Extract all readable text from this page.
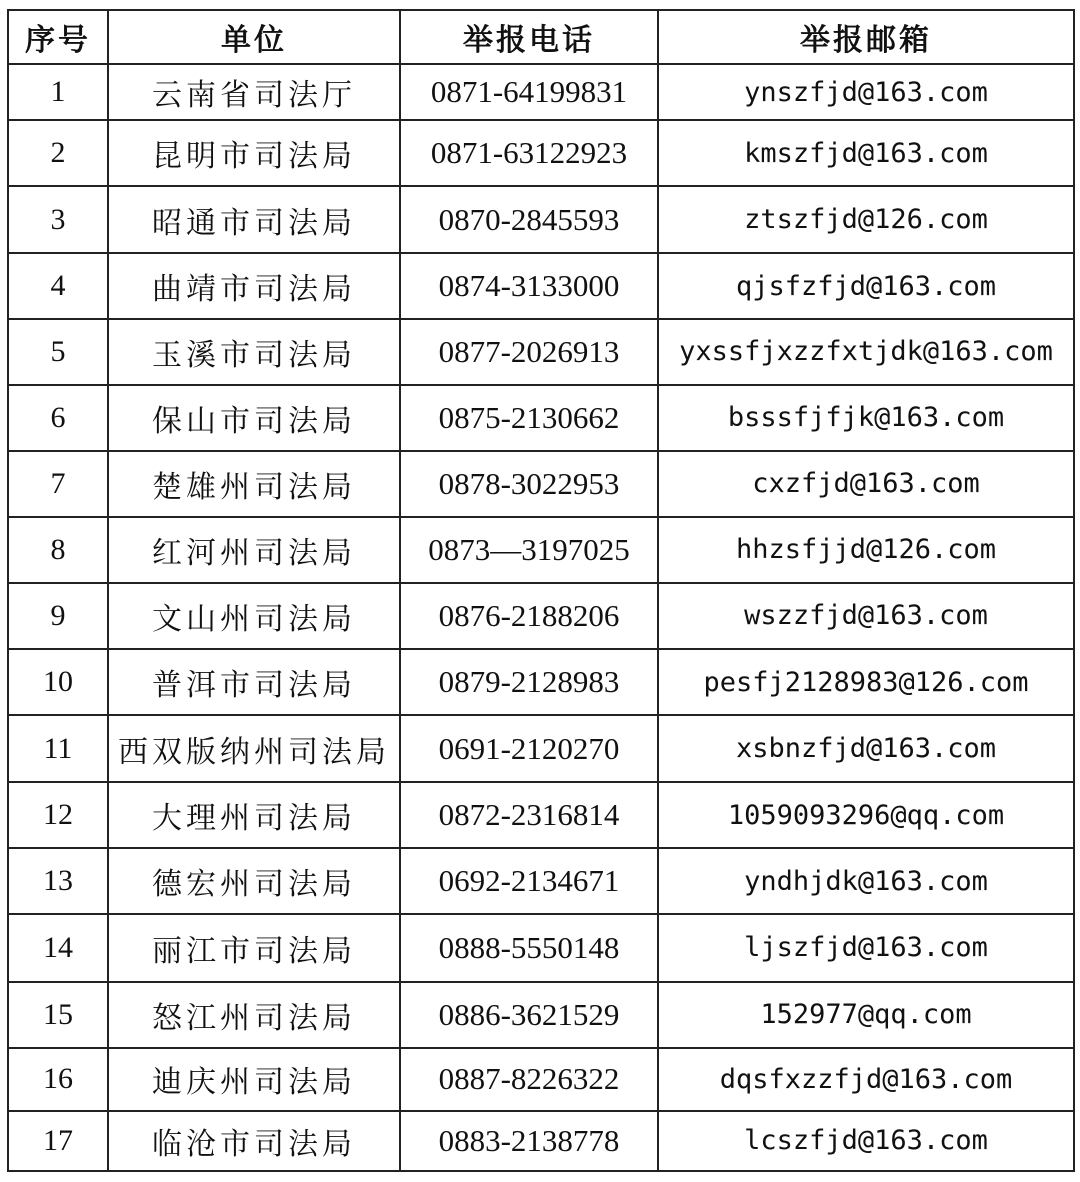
序号	单位	举报电话	举报邮箱
1	云南省司法厅	0871-64199831	ynszfjd@163.com
2	昆明市司法局	0871-63122923	kmszfjd@163.com
3	昭通市司法局	0870-2845593	ztszfjd@126.com
4	曲靖市司法局	0874-3133000	qjsfzfjd@163.com
5	玉溪市司法局	0877-2026913	yxssfjxzzfxtjdk@163.com
6	保山市司法局	0875-2130662	bsssfjfjk@163.com
7	楚雄州司法局	0878-3022953	cxzfjd@163.com
8	红河州司法局	0873—3197025	hhzsfjjd@126.com
9	文山州司法局	0876-2188206	wszzfjd@163.com
10	普洱市司法局	0879-2128983	pesfj2128983@126.com
11	西双版纳州司法局	0691-2120270	xsbnzfjd@163.com
12	大理州司法局	0872-2316814	1059093296@qq.com
13	德宏州司法局	0692-2134671	yndhjdk@163.com
14	丽江市司法局	0888-5550148	ljszfjd@163.com
15	怒江州司法局	0886-3621529	152977@qq.com
16	迪庆州司法局	0887-8226322	dqsfxzzfjd@163.com
17	临沧市司法局	0883-2138778	lcszfjd@163.com
